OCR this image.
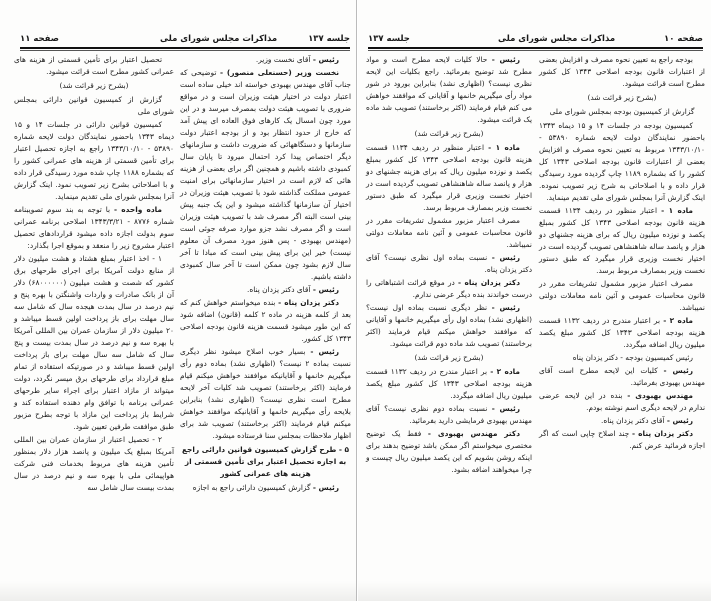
صفحه ۱۱	مذاکرات مجلس شورای ملی	جلسه ۱۳۷

رئیس - آقای نخست وزیر.

نخست وزیر (حسنعلی منصور) - توضیحی که جناب آقای مهندس بهبودی خواسته اند خیلی ساده است اعتبار دولت در اختیار هیئت وزیران است و در مواقع ضروری با تصویب هیئت دولت بمصرف میرسد و در این مورد چون امسال یک کارهای فوق العاده ای پیش آمد که خارج از حدود انتظار بود و از بودجه اعتبار دولت سازمانها و دستگاههائی که ضرورت داشت و سازمانهای دیگر اختصاص پیدا کرد احتمال میرود تا پایان سال کمبودی داشته باشیم و همچنین اگر برای بعضی از هزینه هائی که لازم است در اختیار سازمانهائی برای امنیت عمومی مملکت گذاشته شود با تصویب هیئت وزیران در اختیار آن سازمانها گذاشته میشود و این یک جنبه پیش بینی است البته اگر مصرف شد با تصویب هیئت وزیران است و اگر مصرف نشد جزو موارد صرفه جوئی است (مهندس بهبودی - پس هنوز مورد مصرف آن معلوم نیست) خیر این برای پیش بینی است که مبادا تا آخر سال لازم بشود چون ممکن است تا آخر سال کمبودی داشته باشیم.

رئیس - آقای دکتر یزدان پناه.

دکتر یزدان پناه - بنده میخواستم خواهش کنم که بعد از کلمه هزینه در ماده ۲ کلمه (قانون) اضافه شود که این طور میشود قسمت هزینه قانون بودجه اصلاحی ۱۳۴۳ کل کشور.

رئیس - بسیار خوب اصلاح میشود نظر دیگری نسبت بماده ۲ نیست؟ (اظهاری نشد) بماده دوم رأی میگیریم خانمها و آقایانیکه موافقند خواهش میکنم قیام فرمایند (اکثر برخاستند) تصویب شد کلیات آخر لایحه مطرح است نظری نیست؟ (اظهاری نشد) بنابراین بلایحه رأی میگیریم خانمها و آقایانیکه موافقند خواهش میکنم قیام فرمایند (اکثر برخاستند) تصویب شد برای اظهار ملاحظات بمجلس سنا فرستاده میشود.

۵ - طرح گزارش کمیسیون قوانین دارائی راجع به اجازه تحصیل اعتبار برای تأمین قسمتی از هزینه های عمرانی کشور

رئیس - گزارش کمیسیون دارائی راجع به اجازه

تحصیل اعتبار برای تأمین قسمتی از هزینه های عمرانی کشور مطرح است قرائت میشود.

(بشرح زیر قرائت شد)

گزارش از کمیسیون قوانین دارائی بمجلس شورای ملی

کمیسیون قوانین دارائی در جلسات ۱۴ و ۱۵ دیماه ۱۳۴۳ باحضور نمایندگان دولت لایحه شماره ۵۳۸۹۰ - ۱۳۴۳/۱۰/۱۰ راجع به اجازه تحصیل اعتبار برای تأمین قسمتی از هزینه های عمرانی کشور را که بشماره ۱۱۸۸ چاپ شده مورد رسیدگی قرار داده و با اصلاحاتی بشرح زیر تصویب نمود. اینک گزارش آنرا بمجلس شورای ملی تقدیم مینماید.

ماده واحده - با توجه به بند سوم تصویبنامه شماره ۸۷۷۶ - ۱۳۴۳/۳/۲۱ اصلاحی برنامه عمرانی سوم بدولت اجازه داده میشود قراردادهای تحصیل اعتبار مشروح زیر را منعقد و بموقع اجرا بگذارد:

۱ - اخذ اعتبار بمبلغ هشتاد و هشت میلیون دلار از منابع دولت آمریکا برای اجرای طرحهای برق کشور که شصت و هشت میلیون (۶۸۰۰۰۰۰۰) دلار آن از بانک صادرات و واردات واشنگتن با بهره پنج و نیم درصد در سال بمدت هیجده سال که شامل سه سال مهلت برای باز پرداخت اولین قسط میباشد و ۲۰ میلیون دلار از سازمان عمران بین المللی آمریکا با بهره سه و نیم درصد در سال بمدت بیست و پنج سال که شامل سه سال مهلت برای باز پرداخت اولین قسط میباشد و در صورتیکه استفاده از تمام مبلغ قرارداد برای طرحهای برق میسر نگردد، دولت میتواند از مازاد اعتبار برای اجراء سایر طرحهای عمرانی برنامه با توافق وام دهنده استفاده کند و شرایط باز پرداخت این مازاد با توجه بطرح مزبور طبق موافقت طرفین تعیین شود.

۲ - تحصیل اعتبار از سازمان عمران بین المللی آمریکا بمبلغ یک میلیون و پانصد هزار دلار بمنظور تأمین هزینه های مربوط بخدمات فنی شرکت هواپیمائی ملی با بهره سه و نیم درصد در سال بمدت بیست سال شامل سه

جلسه ۱۳۷	مذاکرات مجلس شورای ملی	صفحه ۱۰

بودجه راجع به تعیین نحوه مصرف و افزایش بعضی از اعتبارات قانون بودجه اصلاحی ۱۳۴۳ کل کشور مطرح است قرائت میشود.

(بشرح زیر قرائت شد)

گزارش از کمیسیون بودجه بمجلس شورای ملی

کمیسیون بودجه در جلسات ۱۴ و ۱۵ دیماه ۱۳۴۳ باحضور نمایندگان دولت لایحه شماره ۵۳۸۹۰ - ۱۳۴۳/۱۰/۱۰ مربوط به تعیین نحوه مصرف و افزایش بعضی از اعتبارات قانون بودجه اصلاحی ۱۳۴۳ کل کشور را که بشماره ۱۱۸۹ چاپ گردیده مورد رسیدگی قرار داده و با اصلاحاتی به شرح زیر تصویب نموده. اینک گزارش آنرا بمجلس شورای ملی تقدیم مینماید.

ماده ۱ - اعتبار منظور در ردیف ۱۱۳۴ قسمت هزینه قانون بودجه اصلاحی ۱۳۴۳ کل کشور بمبلغ یکصد و نوزده میلیون ریال که برای هزینه جشنهای دو هزار و پانصد ساله شاهنشاهی تصویب گردیده است در اختیار نخست وزیری قرار میگیرد که طبق دستور نخست وزیر بمصارف مربوط برسد.

مصرف اعتبار مزبور مشمول تشریفات مقرر در قانون محاسبات عمومی و آئین نامه معاملات دولتی نمیباشد.

ماده ۲ - بر اعتبار مندرج در ردیف ۱۱۳۲ قسمت هزینه بودجه اصلاحی ۱۳۴۳ کل کشور مبلغ یکصد میلیون ریال اضافه میگردد.

رئیس کمیسیون بودجه - دکتر یزدان پناه

رئیس - کلیات این لایحه مطرح است آقای مهندس بهبودی بفرمائید.

مهندس بهبودی - بنده در این لایحه عرضی ندارم در لایحه دیگری اسم نوشته بودم.

رئیس - آقای دکتر یزدان پناه.

دکتر یزدان پناه - چند اصلاح چاپی است که اگر اجازه فرمائید عرض کنم.

رئیس - حالا کلیات لایحه مطرح است و مواد مطرح شد توضیح بفرمائید. راجع بکلیات این لایحه نظری نیست؟ (اظهاری نشد) بنابراین بورود در شور مواد رأی میگیریم خانمها و آقایانی که موافقند خواهش می کنم قیام فرمایند (اکثر برخاستند) تصویب شد ماده یک قرائت میشود.

(بشرح زیر قرائت شد)

ماده ۱ - اعتبار منظور در ردیف ۱۱۳۴ قسمت هزینه قانون بودجه اصلاحی ۱۳۴۳ کل کشور بمبلغ یکصد و نوزده میلیون ریال که برای هزینه جشنهای دو هزار و پانصد ساله شاهنشاهی تصویب گردیده است در اختیار نخست وزیری قرار میگیرد که طبق دستور نخست وزیر بمصارف مربوط برسد.

مصرف اعتبار مزبور مشمول تشریفات مقرر در قانون محاسبات عمومی و آئین نامه معاملات دولتی نمیباشد.

رئیس - نسبت بماده اول نظری نیست؟ آقای دکتر یزدان پناه.

دکتر یزدان پناه - در موقع قرائت اشتباهاتی را درست خواندند بنده دیگر عرضی ندارم.

رئیس - نظر دیگری نسبت بماده اول نیست؟ (اظهاری نشد) بماده اول رأی میگیریم خانمها و آقایانی که موافقند خواهش میکنم قیام فرمایند (اکثر برخاستند) تصویب شد ماده دوم قرائت میشود.

(بشرح زیر قرائت شد)

ماده ۲ - بر اعتبار مندرج در ردیف ۱۱۳۲ قسمت هزینه بودجه اصلاحی ۱۳۴۳ کل کشور مبلغ یکصد میلیون ریال اضافه میگردد.

رئیس - نسبت بماده دوم نظری نیست؟ آقای مهندس بهبودی فرمایشی دارید بفرمائید.

دکتر مهندس بهبودی - فقط یک توضیح مختصری میخواستم اگر ممکن باشد توضیح بدهند برای اینکه روشن بشویم که این یکصد میلیون ریال چیست و چرا میخواهند اضافه بشود.
